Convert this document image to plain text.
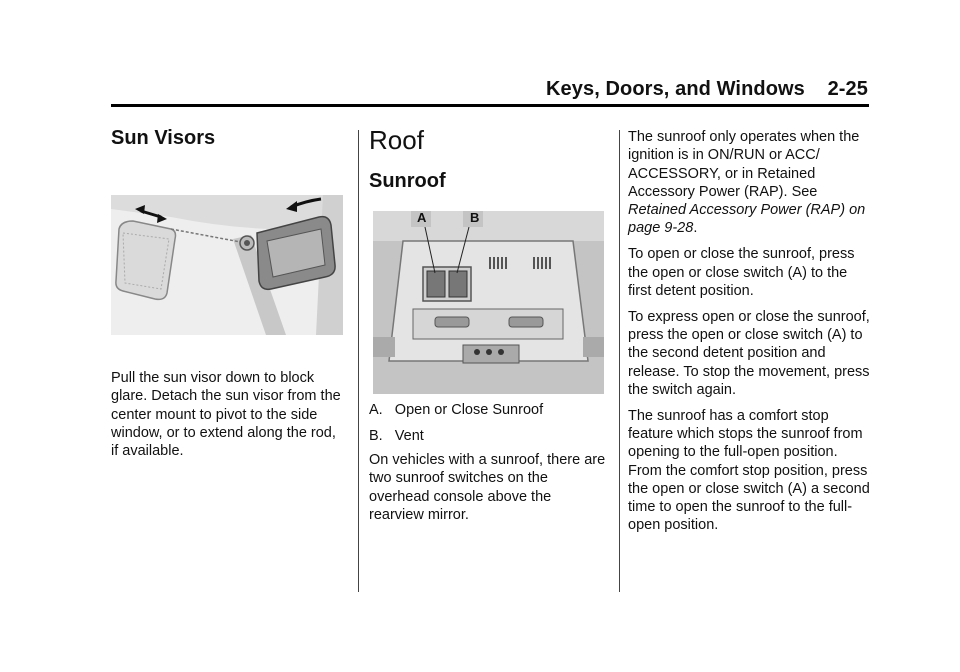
Keys, Doors, and Windows 2-25
Sun Visors

Pull the sun visor down to block glare. Detach the sun visor from the center mount to pivot to the side window, or to extend along the rod, if available.

Roof
Sunroof
A	B
A. Open or Close Sunroof
B. Vent

On vehicles with a sunroof, there are two sunroof switches on the overhead console above the rearview mirror.

The sunroof only operates when the ignition is in ON/RUN or ACC/ ACCESSORY, or in Retained Accessory Power (RAP). See Retained Accessory Power (RAP) on page 9-28.

To open or close the sunroof, press the open or close switch (A) to the first detent position.

To express open or close the sunroof, press the open or close switch (A) to the second detent position and release. To stop the movement, press the switch again.

The sunroof has a comfort stop feature which stops the sunroof from opening to the full-open position. From the comfort stop position, press the open or close switch (A) a second time to open the sunroof to the full-open position.
